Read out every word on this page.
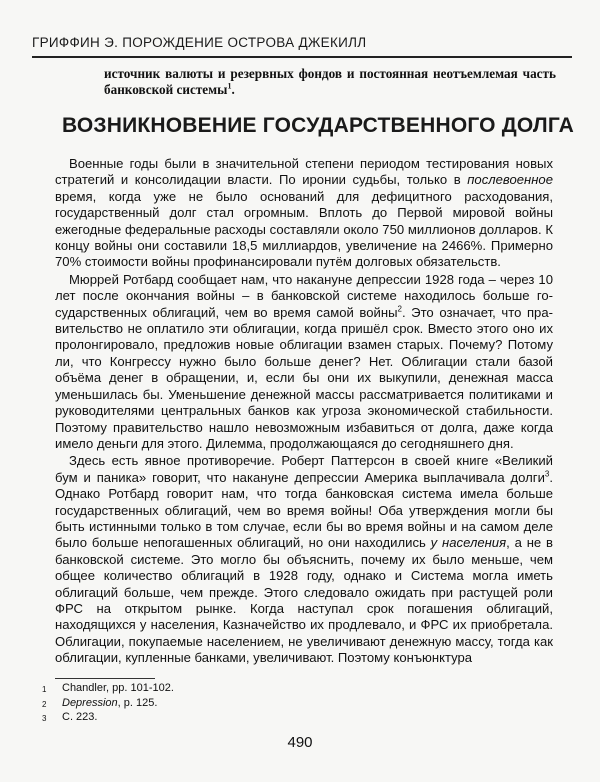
ГРИФФИН Э. ПОРОЖДЕНИЕ ОСТРОВА ДЖЕКИЛЛ
источник валюты и резервных фондов и постоянная неотъемлемая часть банковской системы$^1$.
ВОЗНИКНОВЕНИЕ ГОСУДАРСТВЕННОГО ДОЛГА

Военные годы были в значительной степени периодом тестирования новых стратегий и консолидации власти. По иронии судьбы, только в послевоенное время, когда уже не было оснований для дефицитного расходования, государственный долг стал огромным. Вплоть до Первой мировой войны ежегодные федеральные расходы составляли около 750 миллионов долларов. К концу войны они составили 18,5 миллиардов, увеличение на 2466%. Примерно 70% стоимости войны профинансировали путём долговых обязательств.

Мюррей Ротбард сообщает нам, что накануне депрессии 1928 года – через 10 лет после окончания войны – в банковской системе находилось больше государственных облигаций, чем во время самой войны$^2$. Это означает, что правительство не оплатило эти облигации, когда пришёл срок. Вместо этого оно их пролонгировало, предложив новые облигации взамен старых. Почему? Потому ли, что Конгрессу нужно было больше денег? Нет. Облигации стали базой объёма денег в обращении, и, если бы они их выкупили, денежная масса уменьшилась бы. Уменьшение денежной массы рассматривается политиками и руководителями центральных банков как угроза экономической стабильности. Поэтому правительство нашло невозможным избавиться от долга, даже когда имело деньги для этого. Дилемма, продолжающаяся до сегодняшнего дня.

Здесь есть явное противоречие. Роберт Паттерсон в своей книге «Великий бум и паника» говорит, что накануне депрессии Америка выплачивала долги$^3$. Однако Ротбард говорит нам, что тогда банковская система имела больше государственных облигаций, чем во время войны! Оба утверждения могли бы быть истинными только в том случае, если бы во время войны и на самом деле было больше непогашенных облигаций, но они находились у населения, а не в банковской системе. Это могло бы объяснить, почему их было меньше, чем общее количество облигаций в 1928 году, однако и Система могла иметь облигаций больше, чем прежде. Этого следовало ожидать при растущей роли ФРС на открытом рынке. Когда наступал срок погашения облигаций, находящихся у населения, Казначейство их продлевало, и ФРС их приобретала. Облигации, покупаемые населением, не увеличивают денежную массу, тогда как облигации, купленные банками, увеличивают. Поэтому конъюнктура

1	Chandler, pp. 101-102.
2	Depression, p. 125.
3	С. 223.
490
